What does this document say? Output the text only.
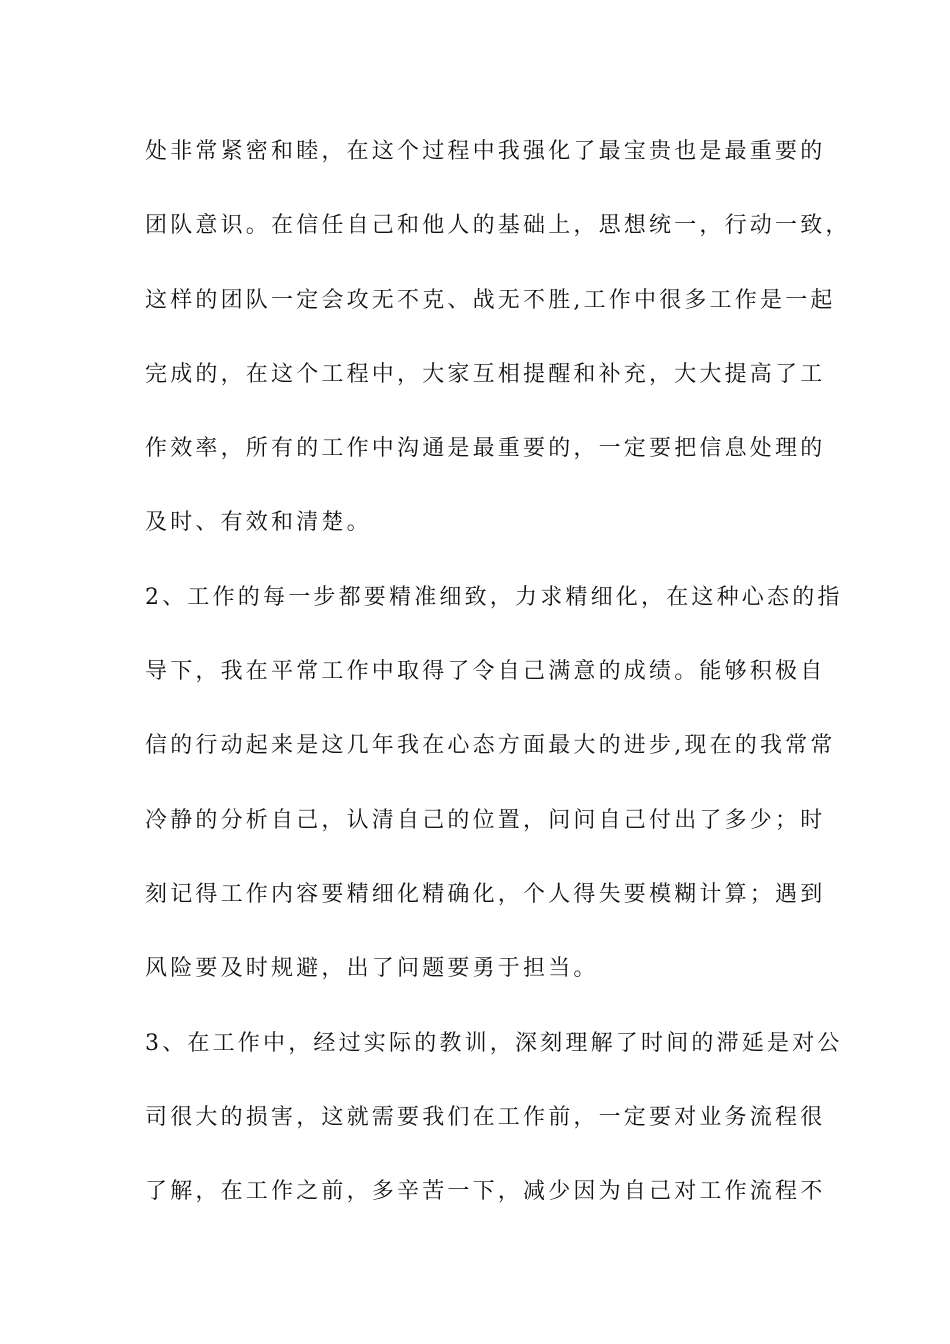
处非常紧密和睦，在这个过程中我强化了最宝贵也是最重要的
团队意识。在信任自己和他人的基础上，思想统一，行动一致，
这样的团队一定会攻无不克、战无不胜,工作中很多工作是一起
完成的，在这个工程中，大家互相提醒和补充，大大提高了工
作效率，所有的工作中沟通是最重要的，一定要把信息处理的
及时、有效和清楚。
2、工作的每一步都要精准细致，力求精细化，在这种心态的指
导下，我在平常工作中取得了令自己满意的成绩。能够积极自
信的行动起来是这几年我在心态方面最大的进步,现在的我常常
冷静的分析自己，认清自己的位置，问问自己付出了多少；时
刻记得工作内容要精细化精确化，个人得失要模糊计算；遇到
风险要及时规避，出了问题要勇于担当。
3、在工作中，经过实际的教训，深刻理解了时间的滞延是对公
司很大的损害，这就需要我们在工作前，一定要对业务流程很
了解，在工作之前，多辛苦一下，减少因为自己对工作流程不
